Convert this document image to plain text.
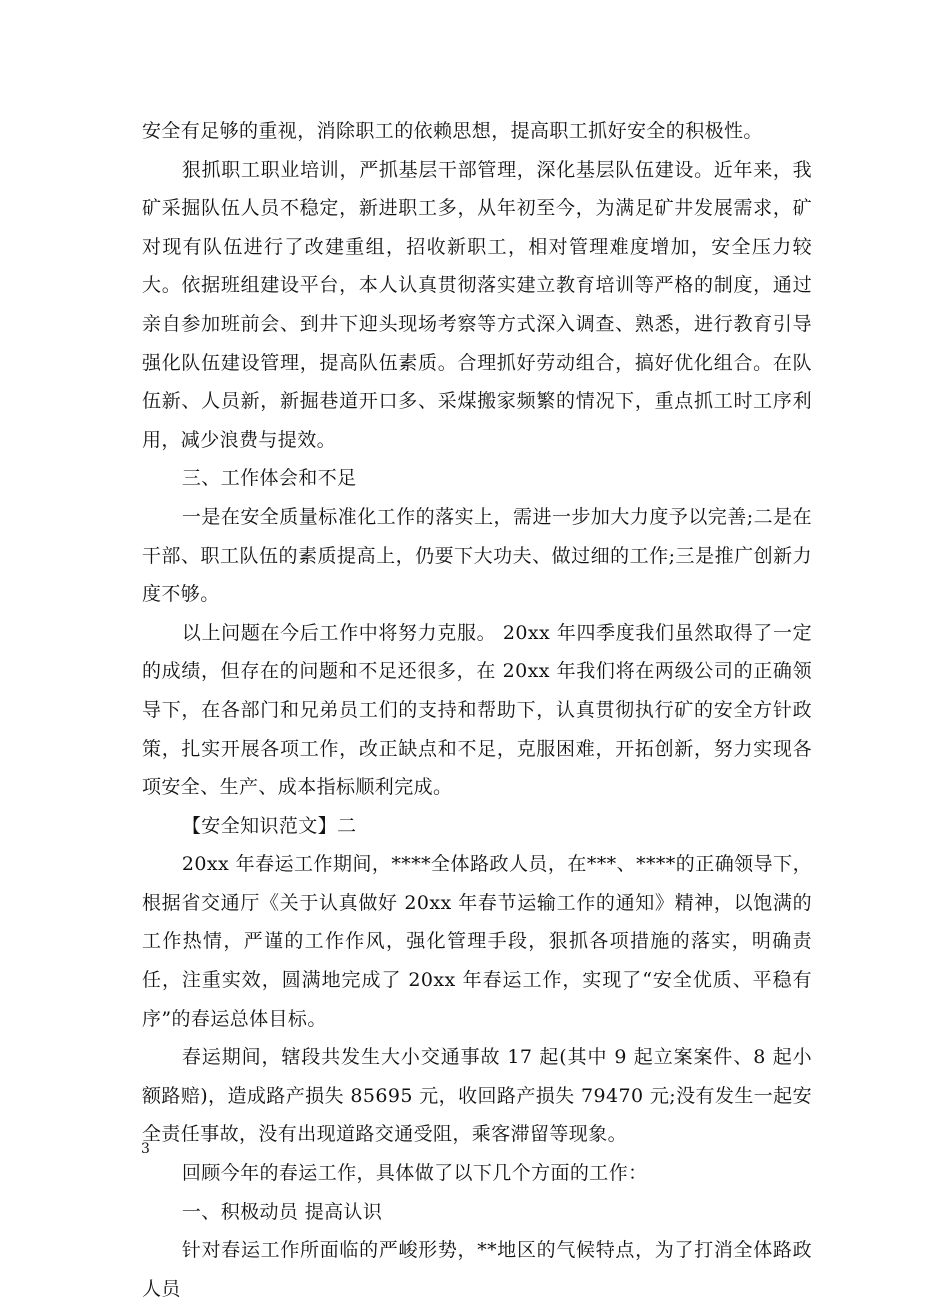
安全有足够的重视，消除职工的依赖思想，提高职工抓好安全的积极性。

狠抓职工职业培训，严抓基层干部管理，深化基层队伍建设。近年来，我矿采掘队伍人员不稳定，新进职工多，从年初至今，为满足矿井发展需求，矿对现有队伍进行了改建重组，招收新职工，相对管理难度增加，安全压力较大。依据班组建设平台，本人认真贯彻落实建立教育培训等严格的制度，通过亲自参加班前会、到井下迎头现场考察等方式深入调查、熟悉，进行教育引导强化队伍建设管理，提高队伍素质。合理抓好劳动组合，搞好优化组合。在队伍新、人员新，新掘巷道开口多、采煤搬家频繁的情况下，重点抓工时工序利用，减少浪费与提效。

三、工作体会和不足

一是在安全质量标准化工作的落实上，需进一步加大力度予以完善;二是在干部、职工队伍的素质提高上，仍要下大功夫、做过细的工作;三是推广创新力度不够。

以上问题在今后工作中将努力克服。 20xx 年四季度我们虽然取得了一定的成绩，但存在的问题和不足还很多，在 20xx 年我们将在两级公司的正确领导下，在各部门和兄弟员工们的支持和帮助下，认真贯彻执行矿的安全方针政策，扎实开展各项工作，改正缺点和不足，克服困难，开拓创新，努力实现各项安全、生产、成本指标顺利完成。

【安全知识范文】二

20xx 年春运工作期间，****全体路政人员，在***、****的正确领导下，根据省交通厅《关于认真做好 20xx 年春节运输工作的通知》精神，以饱满的工作热情，严谨的工作作风，强化管理手段，狠抓各项措施的落实，明确责任，注重实效，圆满地完成了 20xx 年春运工作，实现了“安全优质、平稳有序”的春运总体目标。

春运期间，辖段共发生大小交通事故 17 起(其中 9 起立案案件、8 起小额路赔)，造成路产损失 85695 元，收回路产损失 79470 元;没有发生一起安全责任事故，没有出现道路交通受阻，乘客滞留等现象。

回顾今年的春运工作，具体做了以下几个方面的工作：

一、积极动员 提高认识

针对春运工作所面临的严峻形势，**地区的气候特点，为了打消全体路政人员

3
